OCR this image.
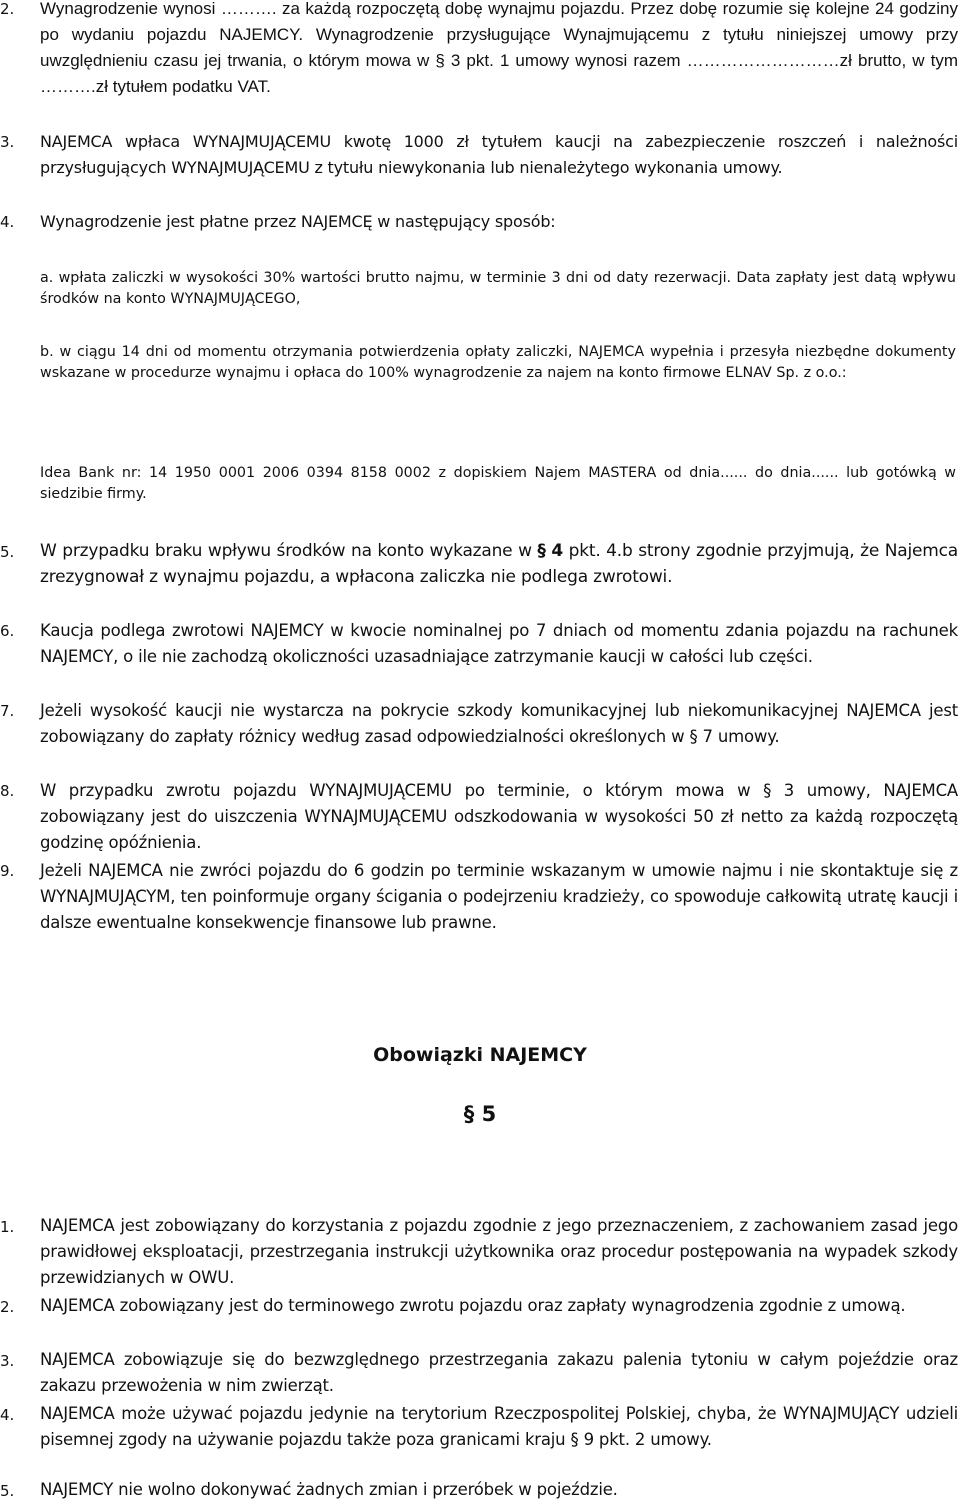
2. Wynagrodzenie wynosi ………. za każdą rozpoczętą dobę wynajmu pojazdu. Przez dobę rozumie się kolejne 24 godziny po wydaniu pojazdu NAJEMCY. Wynagrodzenie przysługujące Wynajmującemu z tytułu niniejszej umowy przy uwzględnieniu czasu jej trwania, o którym mowa w § 3 pkt. 1 umowy wynosi razem ………………………zł brutto, w tym ……….zł tytułem podatku VAT.
3. NAJEMCA wpłaca WYNAJMUJĄCEMU kwotę 1000 zł tytułem kaucji na zabezpieczenie roszczeń i należności przysługujących WYNAJMUJĄCEMU z tytułu niewykonania lub nienależytego wykonania umowy.
4. Wynagrodzenie jest płatne przez NAJEMCĘ w następujący sposób:
a. wpłata zaliczki w wysokości 30% wartości brutto najmu, w terminie 3 dni od daty rezerwacji. Data zapłaty jest datą wpływu środków na konto WYNAJMUJĄCEGO,
b. w ciągu 14 dni od momentu otrzymania potwierdzenia opłaty zaliczki, NAJEMCA wypełnia i przesyła niezbędne dokumenty wskazane w procedurze wynajmu i opłaca do 100% wynagrodzenie za najem na konto firmowe ELNAV Sp. z o.o.:
Idea Bank nr: 14 1950 0001 2006 0394 8158 0002 z dopiskiem Najem MASTERA od dnia...... do dnia...... lub gotówką w siedzibie firmy.
5. W przypadku braku wpływu środków na konto wykazane w § 4 pkt. 4.b strony zgodnie przyjmują, że Najemca zrezygnował z wynajmu pojazdu, a wpłacona zaliczka nie podlega zwrotowi.
6. Kaucja podlega zwrotowi NAJEMCY w kwocie nominalnej po 7 dniach od momentu zdania pojazdu na rachunek NAJEMCY, o ile nie zachodzą okoliczności uzasadniające zatrzymanie kaucji w całości lub części.
7. Jeżeli wysokość kaucji nie wystarcza na pokrycie szkody komunikacyjnej lub niekomunikacyjnej NAJEMCA jest zobowiązany do zapłaty różnicy według zasad odpowiedzialności określonych w § 7 umowy.
8. W przypadku zwrotu pojazdu WYNAJMUJĄCEMU po terminie, o którym mowa w § 3 umowy, NAJEMCA zobowiązany jest do uiszczenia WYNAJMUJĄCEMU odszkodowania w wysokości 50 zł netto za każdą rozpoczętą godzinę opóźnienia.
9. Jeżeli NAJEMCA nie zwróci pojazdu do 6 godzin po terminie wskazanym w umowie najmu i nie skontaktuje się z WYNAJMUJĄCYM, ten poinformuje organy ścigania o podejrzeniu kradzieży, co spowoduje całkowitą utratę kaucji i dalsze ewentualne konsekwencje finansowe lub prawne.
Obowiązki NAJEMCY
§ 5
1. NAJEMCA jest zobowiązany do korzystania z pojazdu zgodnie z jego przeznaczeniem, z zachowaniem zasad jego prawidłowej eksploatacji, przestrzegania instrukcji użytkownika oraz procedur postępowania na wypadek szkody przewidzianych w OWU.
2. NAJEMCA zobowiązany jest do terminowego zwrotu pojazdu oraz zapłaty wynagrodzenia zgodnie z umową.
3. NAJEMCA zobowiązuje się do bezwzględnego przestrzegania zakazu palenia tytoniu w całym pojeździe oraz zakazu przewożenia w nim zwierząt.
4. NAJEMCA może używać pojazdu jedynie na terytorium Rzeczpospolitej Polskiej, chyba, że WYNAJMUJĄCY udzieli pisemnej zgody na używanie pojazdu także poza granicami kraju § 9 pkt. 2 umowy.
5. NAJEMCY nie wolno dokonywać żadnych zmian i przeróbek w pojeździe.
